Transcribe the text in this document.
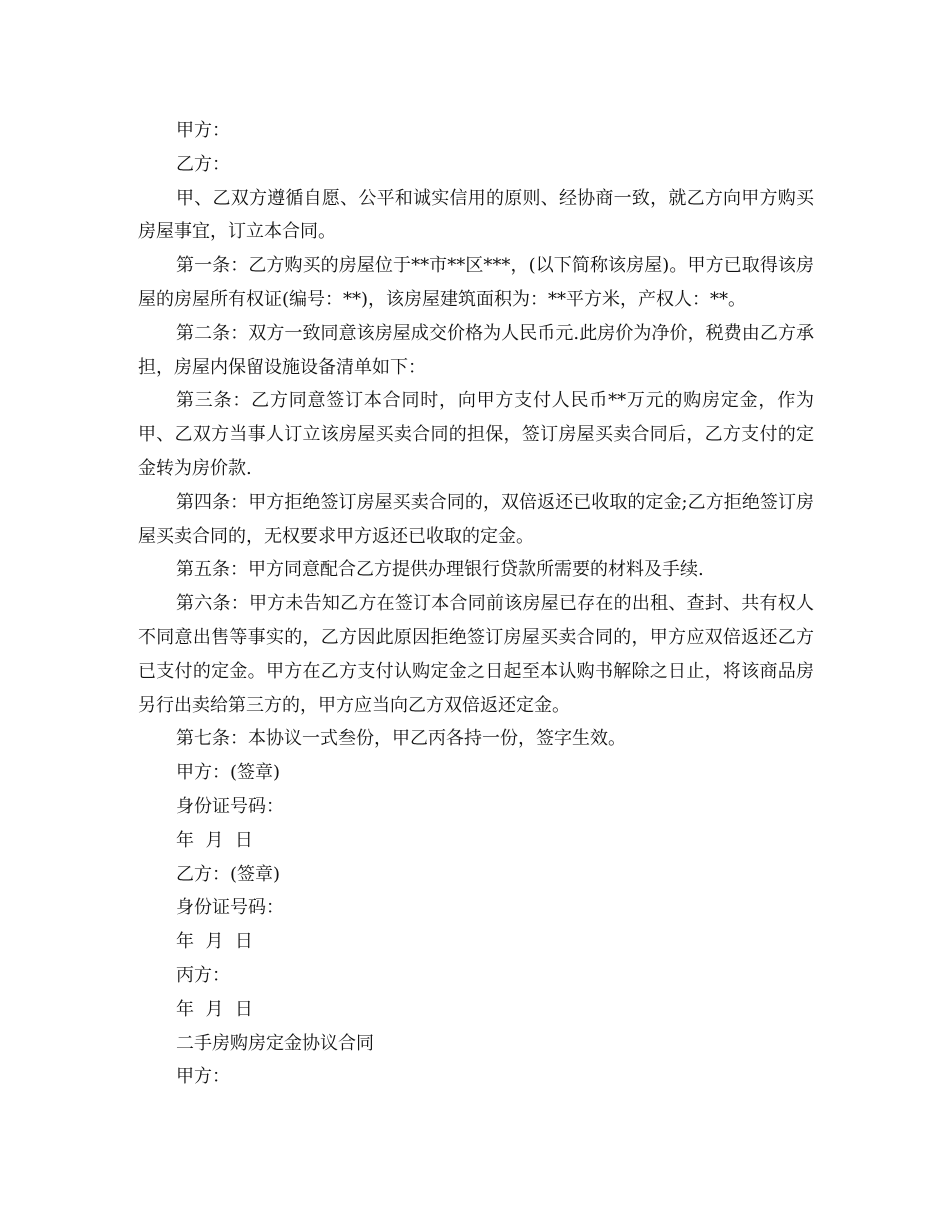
甲方：

乙方：

甲、乙双方遵循自愿、公平和诚实信用的原则、经协商一致，就乙方向甲方购买房屋事宜，订立本合同。

第一条：乙方购买的房屋位于**市**区***，(以下简称该房屋)。甲方已取得该房屋的房屋所有权证(编号：**)，该房屋建筑面积为：**平方米，产权人：**。

第二条：双方一致同意该房屋成交价格为人民币元.此房价为净价，税费由乙方承担，房屋内保留设施设备清单如下：

第三条：乙方同意签订本合同时，向甲方支付人民币**万元的购房定金，作为甲、乙双方当事人订立该房屋买卖合同的担保，签订房屋买卖合同后，乙方支付的定金转为房价款.

第四条：甲方拒绝签订房屋买卖合同的，双倍返还已收取的定金;乙方拒绝签订房屋买卖合同的，无权要求甲方返还已收取的定金。

第五条：甲方同意配合乙方提供办理银行贷款所需要的材料及手续.

第六条：甲方未告知乙方在签订本合同前该房屋已存在的出租、查封、共有权人不同意出售等事实的，乙方因此原因拒绝签订房屋买卖合同的，甲方应双倍返还乙方已支付的定金。甲方在乙方支付认购定金之日起至本认购书解除之日止，将该商品房另行出卖给第三方的，甲方应当向乙方双倍返还定金。

第七条：本协议一式叁份，甲乙丙各持一份，签字生效。

甲方：(签章)

身份证号码：

年  月  日

乙方：(签章)

身份证号码：

年  月  日

丙方：

年  月  日

二手房购房定金协议合同

甲方：
